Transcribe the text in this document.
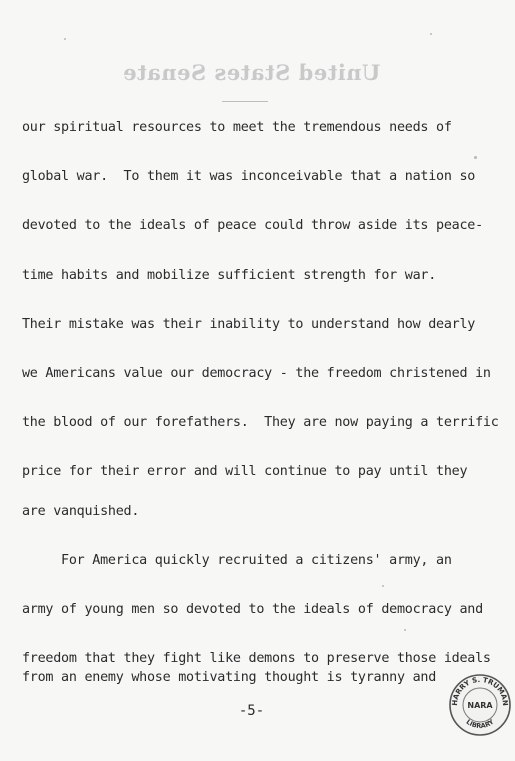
United States Senate
our spiritual resources to meet the tremendous needs of
global war.  To them it was inconceivable that a nation so
devoted to the ideals of peace could throw aside its peace-
time habits and mobilize sufficient strength for war.
Their mistake was their inability to understand how dearly
we Americans value our democracy - the freedom christened in
the blood of our forefathers.  They are now paying a terrific
price for their error and will continue to pay until they
are vanquished.
For America quickly recruited a citizens' army, an
army of young men so devoted to the ideals of democracy and
freedom that they fight like demons to preserve those ideals
from an enemy whose motivating thought is tyranny and
-5-
HARRY S. TRUMAN
NARA
LIBRARY
